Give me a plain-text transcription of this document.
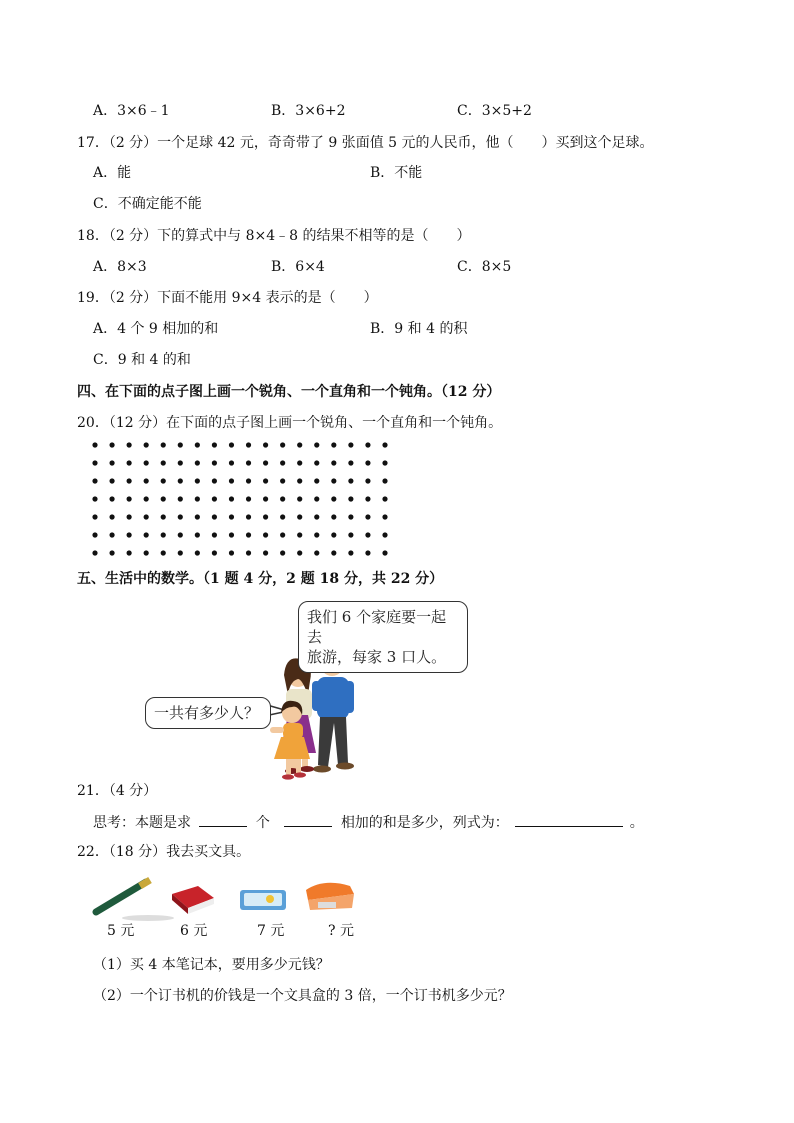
A．3×6﹣1	B．3×6+2	C．3×5+2
17．（2 分）一个足球 42 元，奇奇带了 9 张面值 5 元的人民币，他（　　）买到这个足球。
A．能	B．不能
C．不确定能不能
18．（2 分）下的算式中与 8×4﹣8 的结果不相等的是（　　）
A．8×3	B．6×4	C．8×5
19．（2 分）下面不能用 9×4 表示的是（　　）
A．4 个 9 相加的和	B．9 和 4 的积
C．9 和 4 的和
四、在下面的点子图上画一个锐角、一个直角和一个钝角。（12 分）
20．（12 分）在下面的点子图上画一个锐角、一个直角和一个钝角。
五、生活中的数学。（1 题 4 分，2 题 18 分，共 22 分）
我们 6 个家庭要一起去
旅游，每家 3 口人。
一共有多少人？
21．（4 分）
思考：本题是求	个	相加的和是多少，列式为：	。
22．（18 分）我去买文具。
5 元	6 元	7 元	? 元
（1）买 4 本笔记本，要用多少元钱？
（2）一个订书机的价钱是一个文具盒的 3 倍，一个订书机多少元？
